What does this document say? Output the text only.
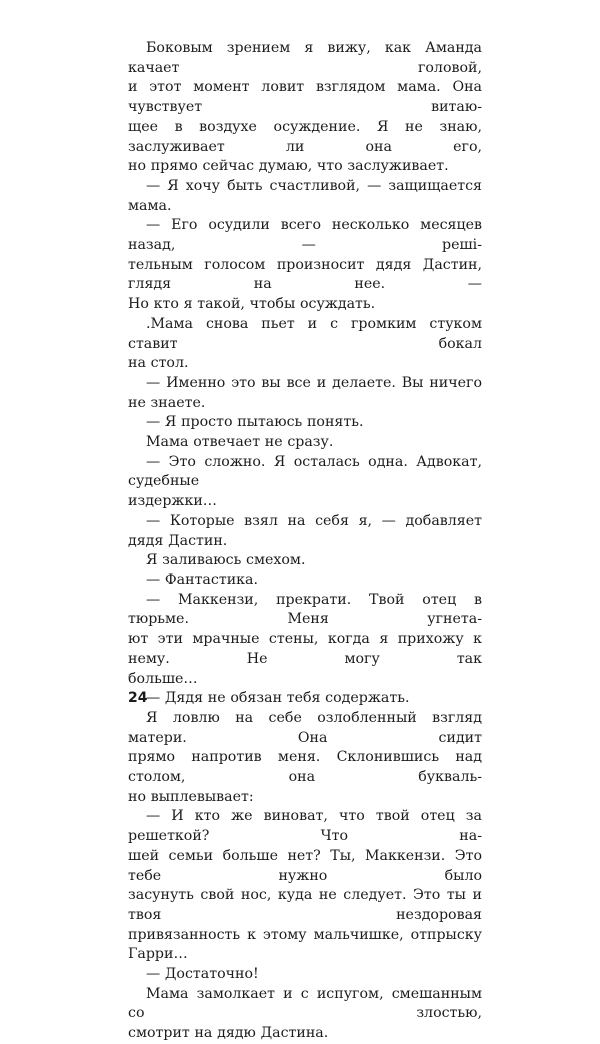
Боковым зрением я вижу, как Аманда качает головой,
и этот момент ловит взглядом мама. Она чувствует витаю-
щее в воздухе осуждение. Я не знаю, заслуживает ли она его,
но прямо сейчас думаю, что заслуживает.

— Я хочу быть счастливой, — защищается мама.

— Его осудили всего несколько месяцев назад, — решi-
тельным голосом произносит дядя Дастин, глядя на нее. —
Но кто я такой, чтобы осуждать.

.Мама снова пьет и с громким стуком ставит бокал
на стол.

— Именно это вы все и делаете. Вы ничего не знаете.

— Я просто пытаюсь понять.

Мама отвечает не сразу.

— Это сложно. Я осталась одна. Адвокат, судебные
издержки…

— Которые взял на себя я, — добавляет дядя Дастин.

Я заливаюсь смехом.

— Фантастика.

— Маккензи, прекрати. Твой отец в тюрьме. Меня угнета-
ют эти мрачные стены, когда я прихожу к нему. Не могу так
больше…

— Дядя не обязан тебя содержать.

Я ловлю на себе озлобленный взгляд матери. Она сидит
прямо напротив меня. Склонившись над столом, она букваль-
но выплевывает:

— И кто же виноват, что твой отец за решеткой? Что на-
шей семьи больше нет? Ты, Маккензи. Это тебе нужно было
засунуть свой нос, куда не следует. Это ты и твоя нездоровая
привязанность к этому мальчишке, отпрыску Гарри…

— Достаточно!

Мама замолкает и с испугом, смешанным со злостью,
смотрит на дядю Дастина.

24
